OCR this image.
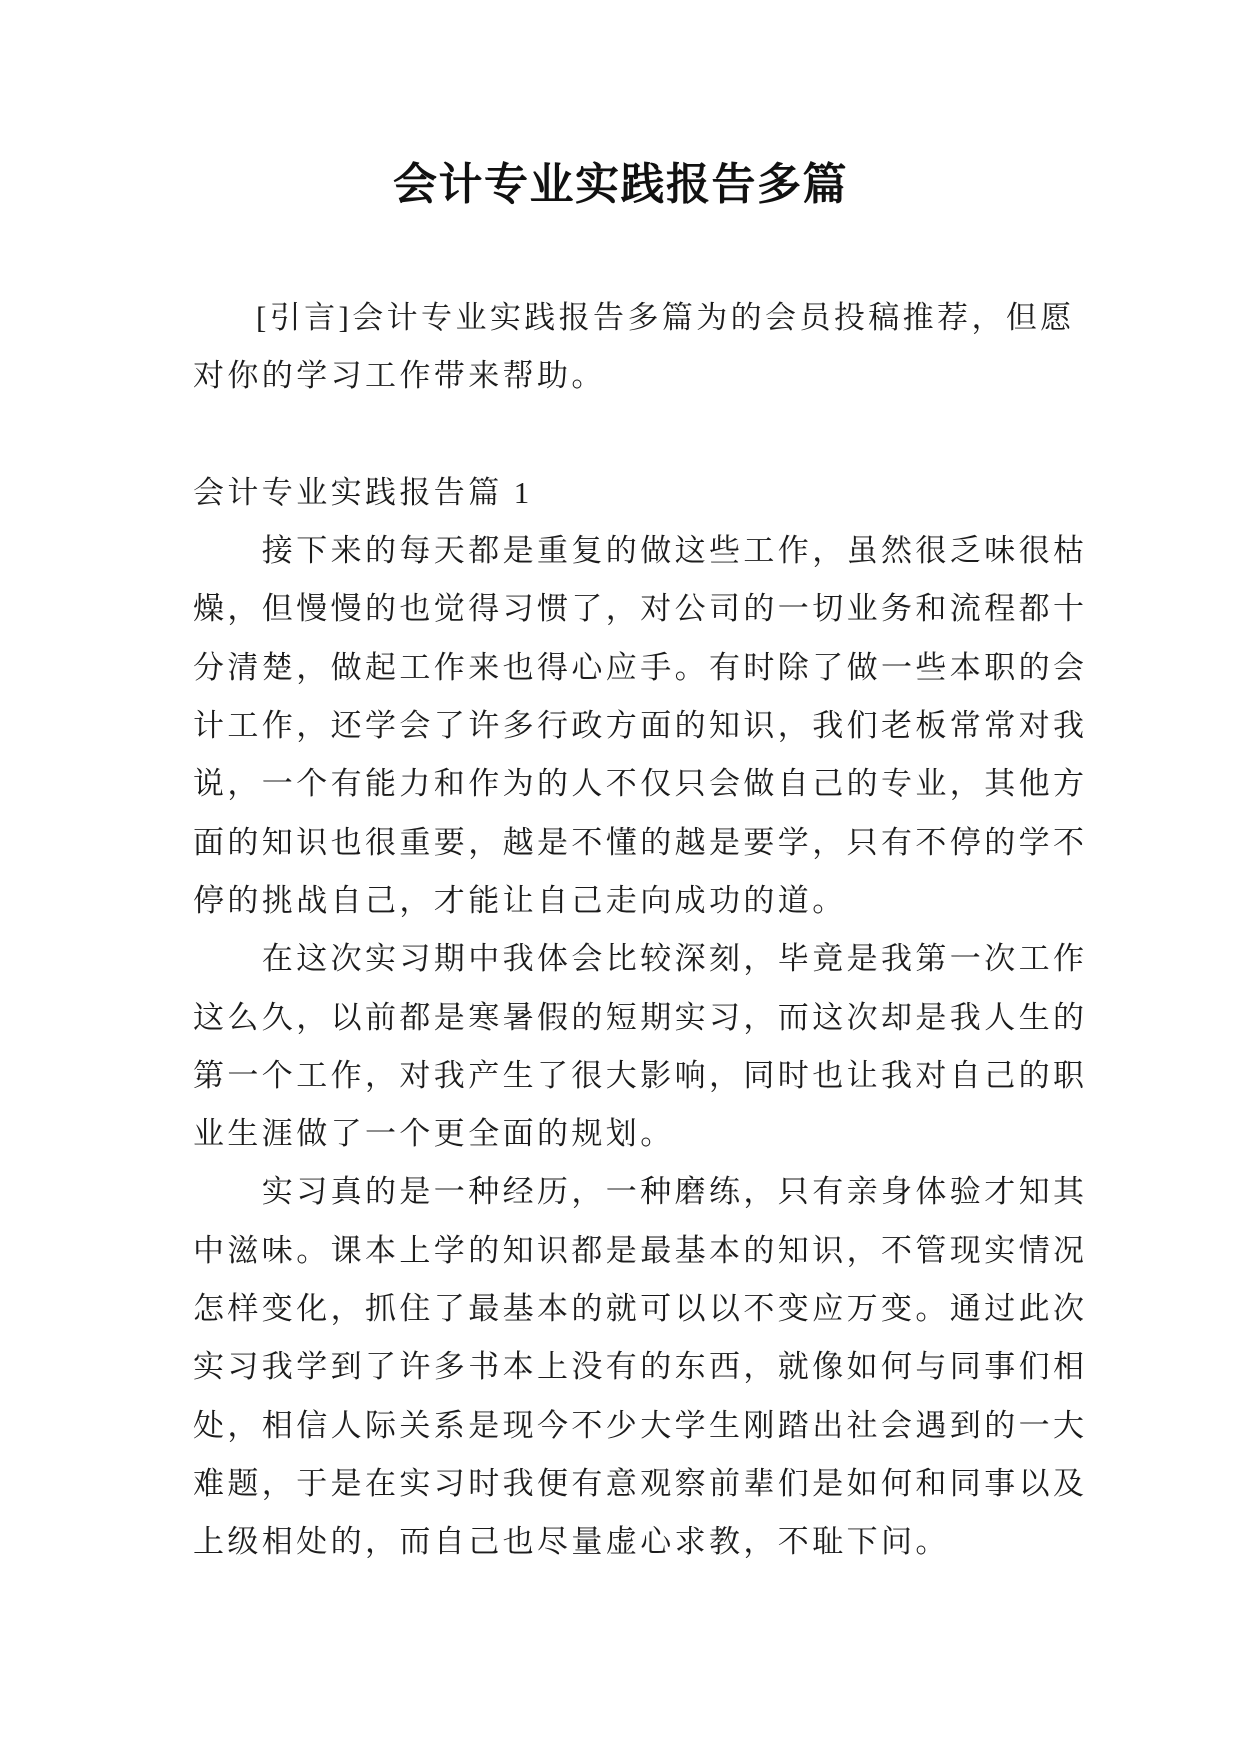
会计专业实践报告多篇
[引言]会计专业实践报告多篇为的会员投稿推荐，但愿
对你的学习工作带来帮助。
会计专业实践报告篇 1
接下来的每天都是重复的做这些工作，虽然很乏味很枯
燥，但慢慢的也觉得习惯了，对公司的一切业务和流程都十
分清楚，做起工作来也得心应手。有时除了做一些本职的会
计工作，还学会了许多行政方面的知识，我们老板常常对我
说，一个有能力和作为的人不仅只会做自己的专业，其他方
面的知识也很重要，越是不懂的越是要学，只有不停的学不
停的挑战自己，才能让自己走向成功的道。
在这次实习期中我体会比较深刻，毕竟是我第一次工作
这么久，以前都是寒暑假的短期实习，而这次却是我人生的
第一个工作，对我产生了很大影响，同时也让我对自己的职
业生涯做了一个更全面的规划。
实习真的是一种经历，一种磨练，只有亲身体验才知其
中滋味。课本上学的知识都是最基本的知识，不管现实情况
怎样变化，抓住了最基本的就可以以不变应万变。通过此次
实习我学到了许多书本上没有的东西，就像如何与同事们相
处，相信人际关系是现今不少大学生刚踏出社会遇到的一大
难题，于是在实习时我便有意观察前辈们是如何和同事以及
上级相处的，而自己也尽量虚心求教，不耻下问。
